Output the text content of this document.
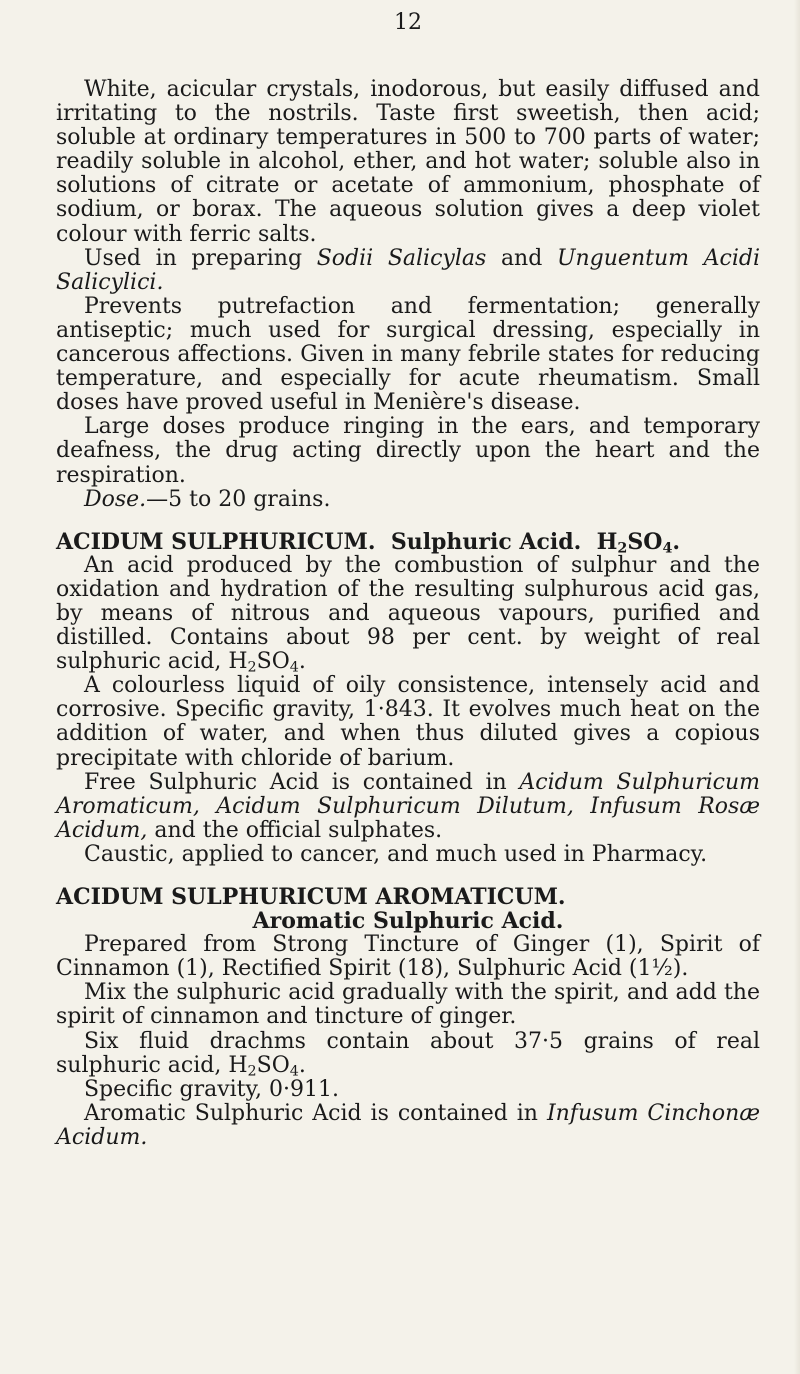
12

White, acicular crystals, inodorous, but easily diffused and irritating to the nostrils. Taste first sweetish, then acid; soluble at ordinary temperatures in 500 to 700 parts of water; readily soluble in alcohol, ether, and hot water; soluble also in solutions of citrate or acetate of ammonium, phosphate of sodium, or borax. The aqueous solution gives a deep violet colour with ferric salts.

Used in preparing Sodii Salicylas and Unguentum Acidi Salicylici.

Prevents putrefaction and fermentation; generally antiseptic; much used for surgical dressing, especially in cancerous affections. Given in many febrile states for reducing temperature, and especially for acute rheumatism. Small doses have proved useful in Menière's disease.

Large doses produce ringing in the ears, and temporary deafness, the drug acting directly upon the heart and the respiration.

Dose.—5 to 20 grains.

ACIDUM SULPHURICUM. Sulphuric Acid. $H_2SO_4$.

An acid produced by the combustion of sulphur and the oxidation and hydration of the resulting sulphurous acid gas, by means of nitrous and aqueous vapours, purified and distilled. Contains about 98 per cent. by weight of real sulphuric acid, $H_2SO_4$.

A colourless liquid of oily consistence, intensely acid and corrosive. Specific gravity, 1·843. It evolves much heat on the addition of water, and when thus diluted gives a copious precipitate with chloride of barium.

Free Sulphuric Acid is contained in Acidum Sulphuricum Aromaticum, Acidum Sulphuricum Dilutum, Infusum Rosæ Acidum, and the official sulphates.

Caustic, applied to cancer, and much used in Pharmacy.

ACIDUM SULPHURICUM AROMATICUM.

Aromatic Sulphuric Acid.

Prepared from Strong Tincture of Ginger (1), Spirit of Cinnamon (1), Rectified Spirit (18), Sulphuric Acid (1½).

Mix the sulphuric acid gradually with the spirit, and add the spirit of cinnamon and tincture of ginger.

Six fluid drachms contain about 37·5 grains of real sulphuric acid, $H_2SO_4$.

Specific gravity, 0·911.

Aromatic Sulphuric Acid is contained in Infusum Cinchonæ Acidum.
